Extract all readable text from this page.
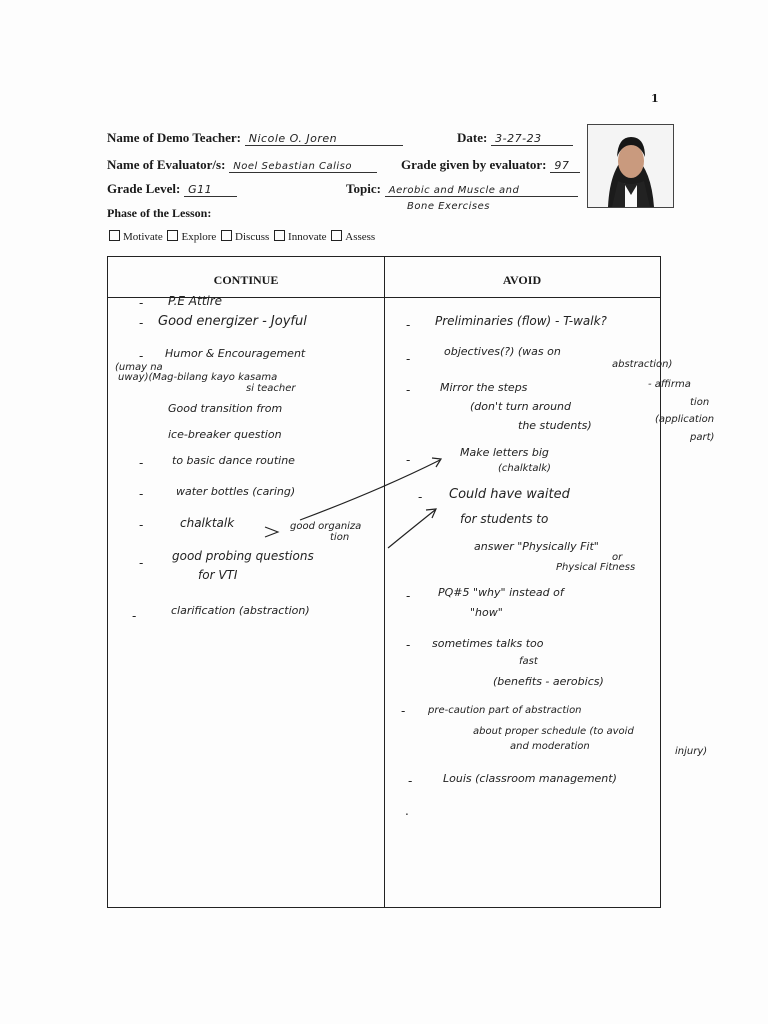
1
Name of Demo Teacher: Nicole O. Joren	Date: 3-27-23
Name of Evaluator/s: Noel Sebastian Caliso	Grade given by evaluator: 97
Grade Level: G11	Topic: Aerobic and Muscle and
Bone Exercises
Phase of the Lesson:
Motivate Explore Discuss Innovate Assess
CONTINUE	AVOID
- P.E Attire
- Good energizer - Joyful
- Humor & Encouragement
(umay na
uway)(Mag-bilang kayo kasama
si teacher
Good transition from
ice-breaker question
-	to basic dance routine
-	water bottles (caring)
-	chalktalk	good organiza
tion
- good probing questions
for VTI
-	clarification (abstraction)
- Preliminaries (flow) - T-walk?
-
objectives(?) (was on
abstraction)
-	Mirror the steps	- affirma
(don't turn around	tion
the students)	(application
part)
-
Make letters big
(chalktalk)
- Could have waited
for students to
answer "Physically Fit"
or
Physical Fitness
-	PQ#5 "why" instead of
"how"
- sometimes talks too
fast
(benefits - aerobics)
- pre-caution part of abstraction
about proper schedule (to avoid
and moderation	injury)
-	Louis (classroom management)
.
